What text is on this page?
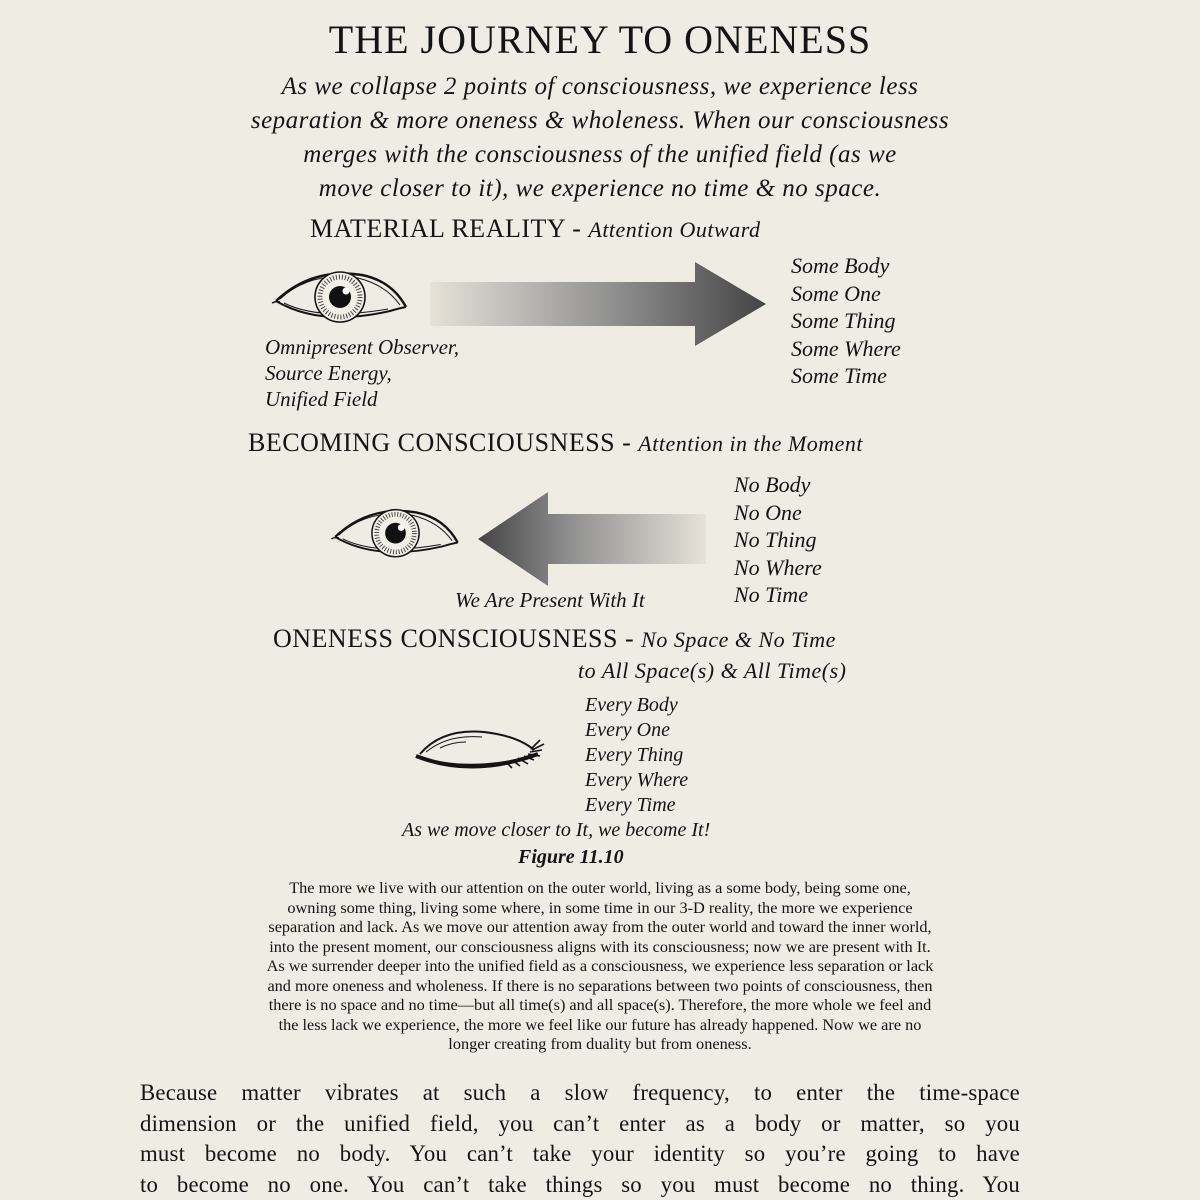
THE JOURNEY TO ONENESS
As we collapse 2 points of consciousness, we experience less
separation & more oneness & wholeness. When our consciousness
merges with the consciousness of the unified field (as we
move closer to it), we experience no time & no space.
MATERIAL REALITY - Attention Outward
Some Body
Some One
Some Thing
Some Where
Some Time
Omnipresent Observer,
Source Energy,
Unified Field
BECOMING CONSCIOUSNESS - Attention in the Moment
No Body
No One
No Thing
No Where
No Time
We Are Present With It
ONENESS CONSCIOUSNESS - No Space & No Time
to All Space(s) & All Time(s)
Every Body
Every One
Every Thing
Every Where
Every Time
As we move closer to It, we become It!
Figure 11.10
The more we live with our attention on the outer world, living as a some body, being some one,
owning some thing, living some where, in some time in our 3-D reality, the more we experience
separation and lack. As we move our attention away from the outer world and toward the inner world,
into the present moment, our consciousness aligns with its consciousness; now we are present with It.
As we surrender deeper into the unified field as a consciousness, we experience less separation or lack
and more oneness and wholeness. If there is no separations between two points of consciousness, then
there is no space and no time—but all time(s) and all space(s). Therefore, the more whole we feel and
the less lack we experience, the more we feel like our future has already happened. Now we are no
longer creating from duality but from oneness.
Because matter vibrates at such a slow frequency, to enter the time-space
dimension or the unified field, you can’t enter as a body or matter, so you
must become no body. You can’t take your identity so you’re going to have
to become no one. You can’t take things so you must become no thing. You
